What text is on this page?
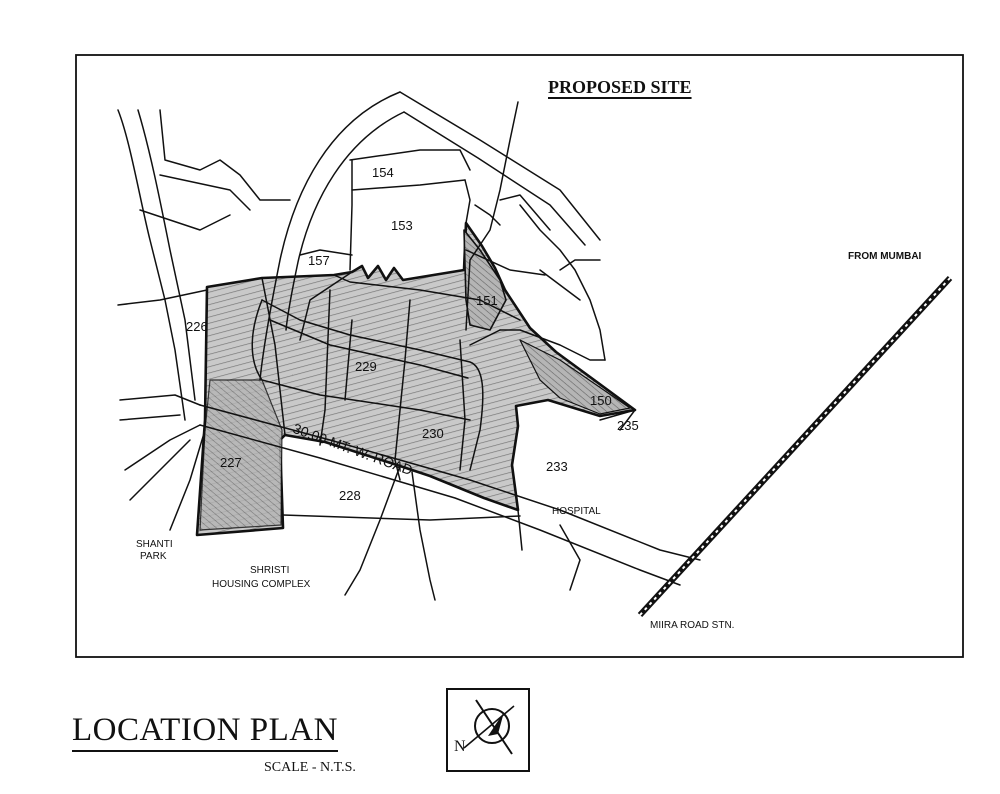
PROPOSED SITE
154
153
157
151
226
229
150
235
230
233
227
228
30.00 MT. W. ROAD
HOSPITAL
SHANTI
PARK
SHRISTI
HOUSING COMPLEX
FROM MUMBAI
MIIRA ROAD STN.
LOCATION PLAN
SCALE - N.T.S.
N
